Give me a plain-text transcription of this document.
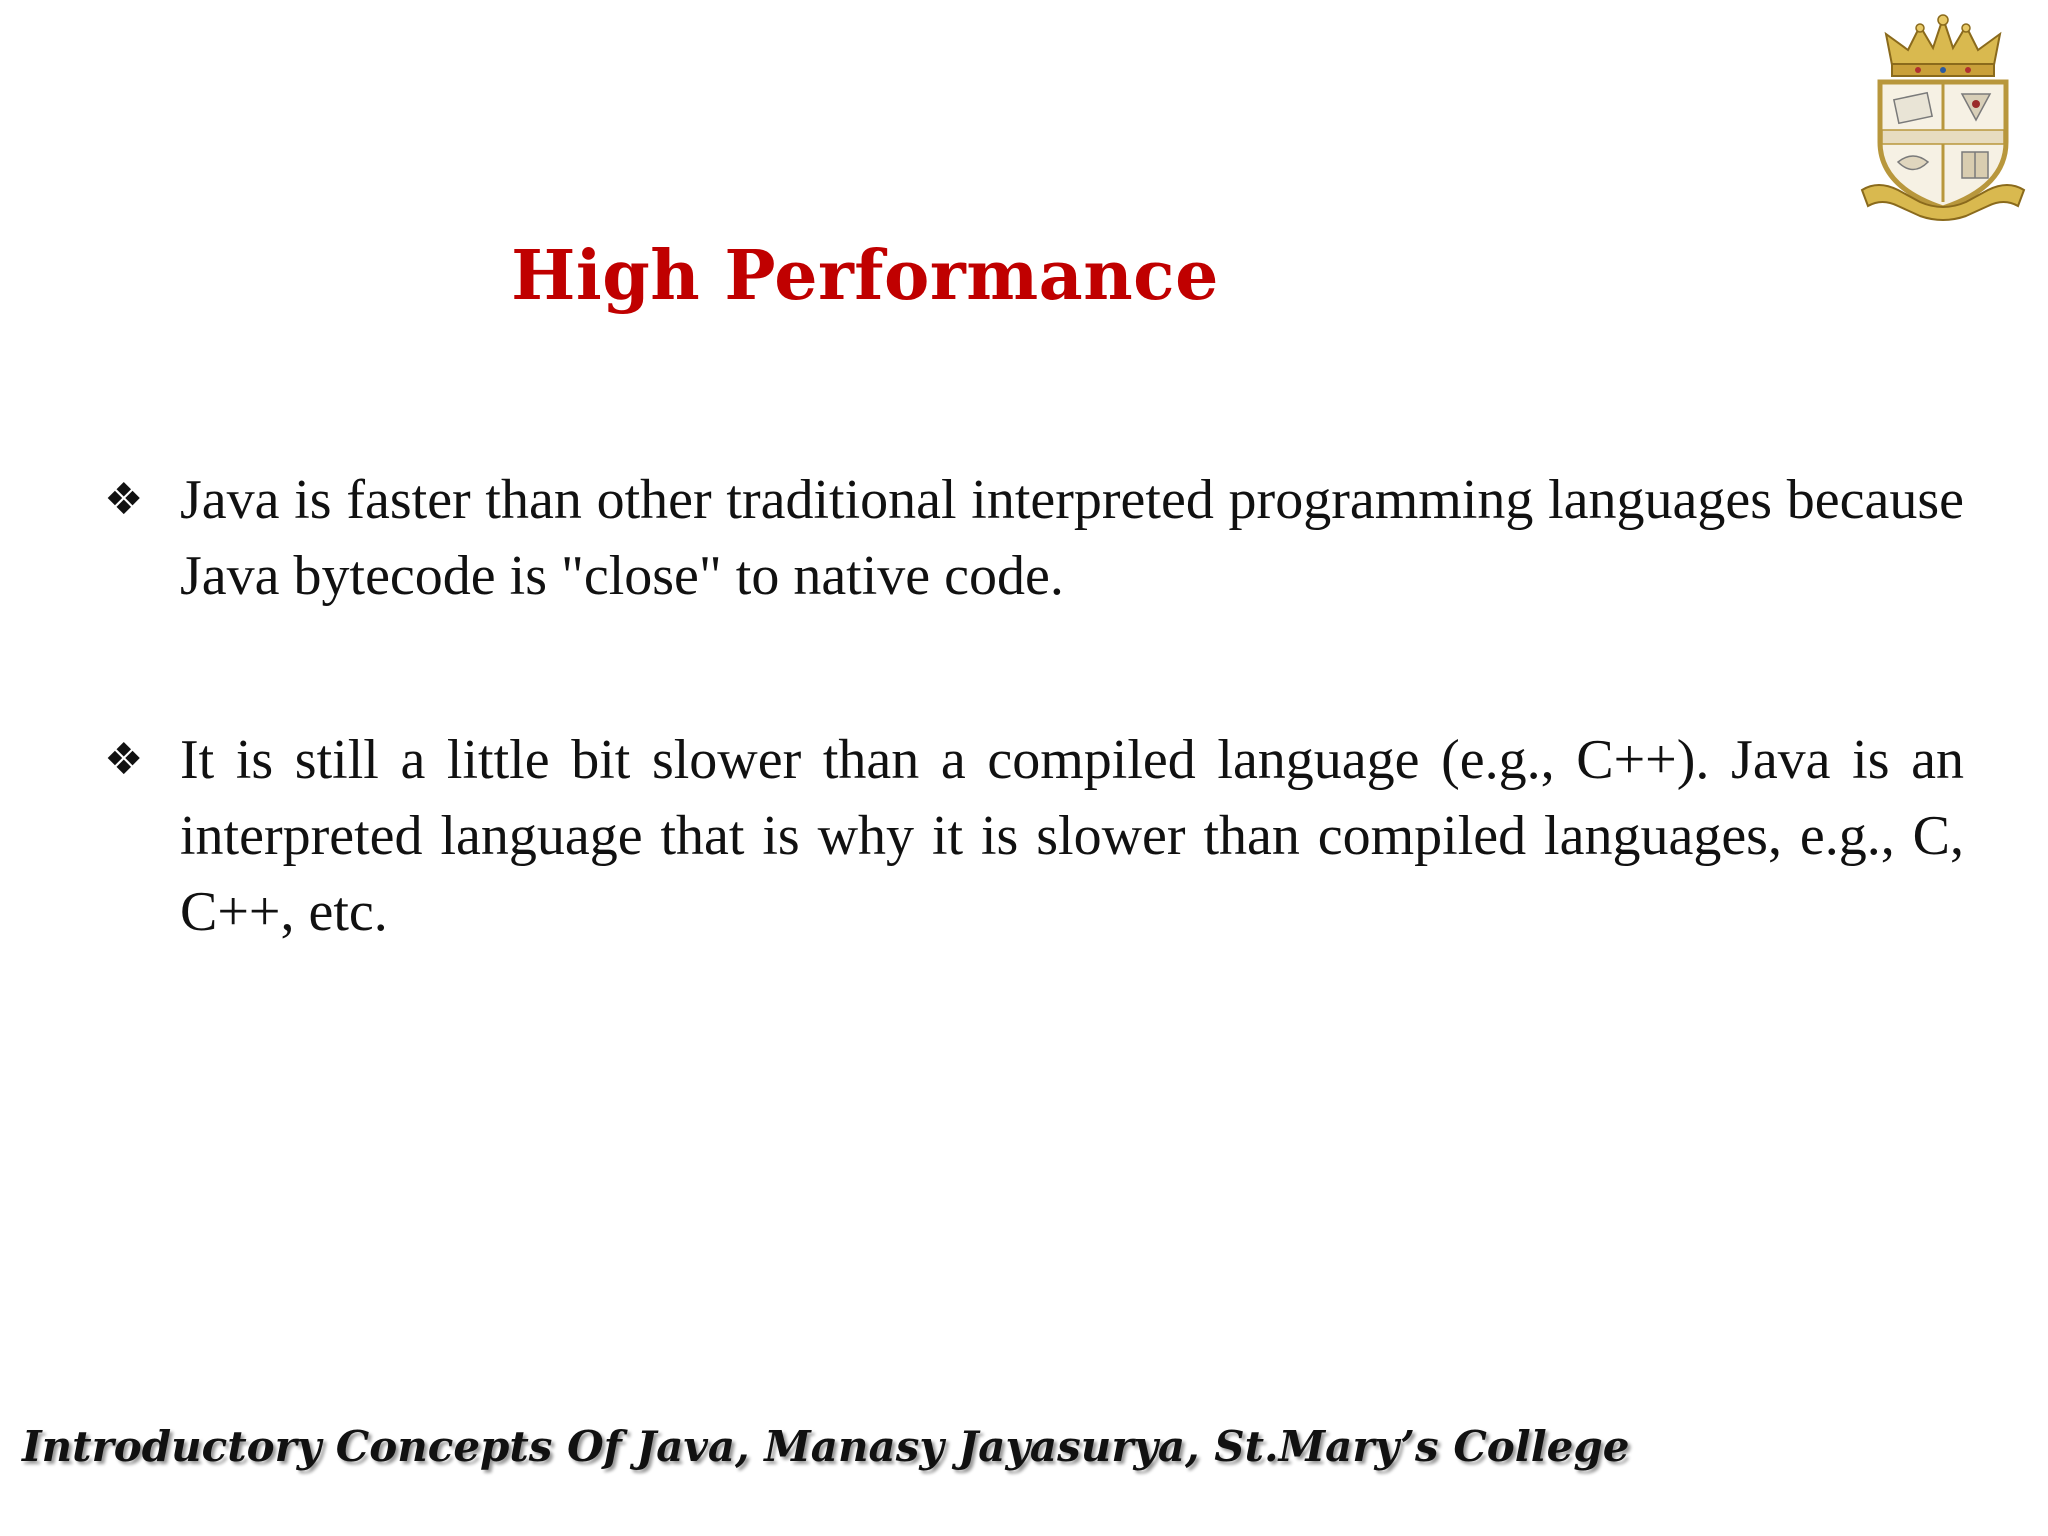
High Performance
❖ Java is faster than other traditional interpreted programming languages because Java bytecode is "close" to native code.
❖ It is still a little bit slower than a compiled language (e.g., C++). Java is an interpreted language that is why it is slower than compiled languages, e.g., C, C++, etc.
Introductory Concepts Of Java, Manasy Jayasurya, St.Mary’s College
